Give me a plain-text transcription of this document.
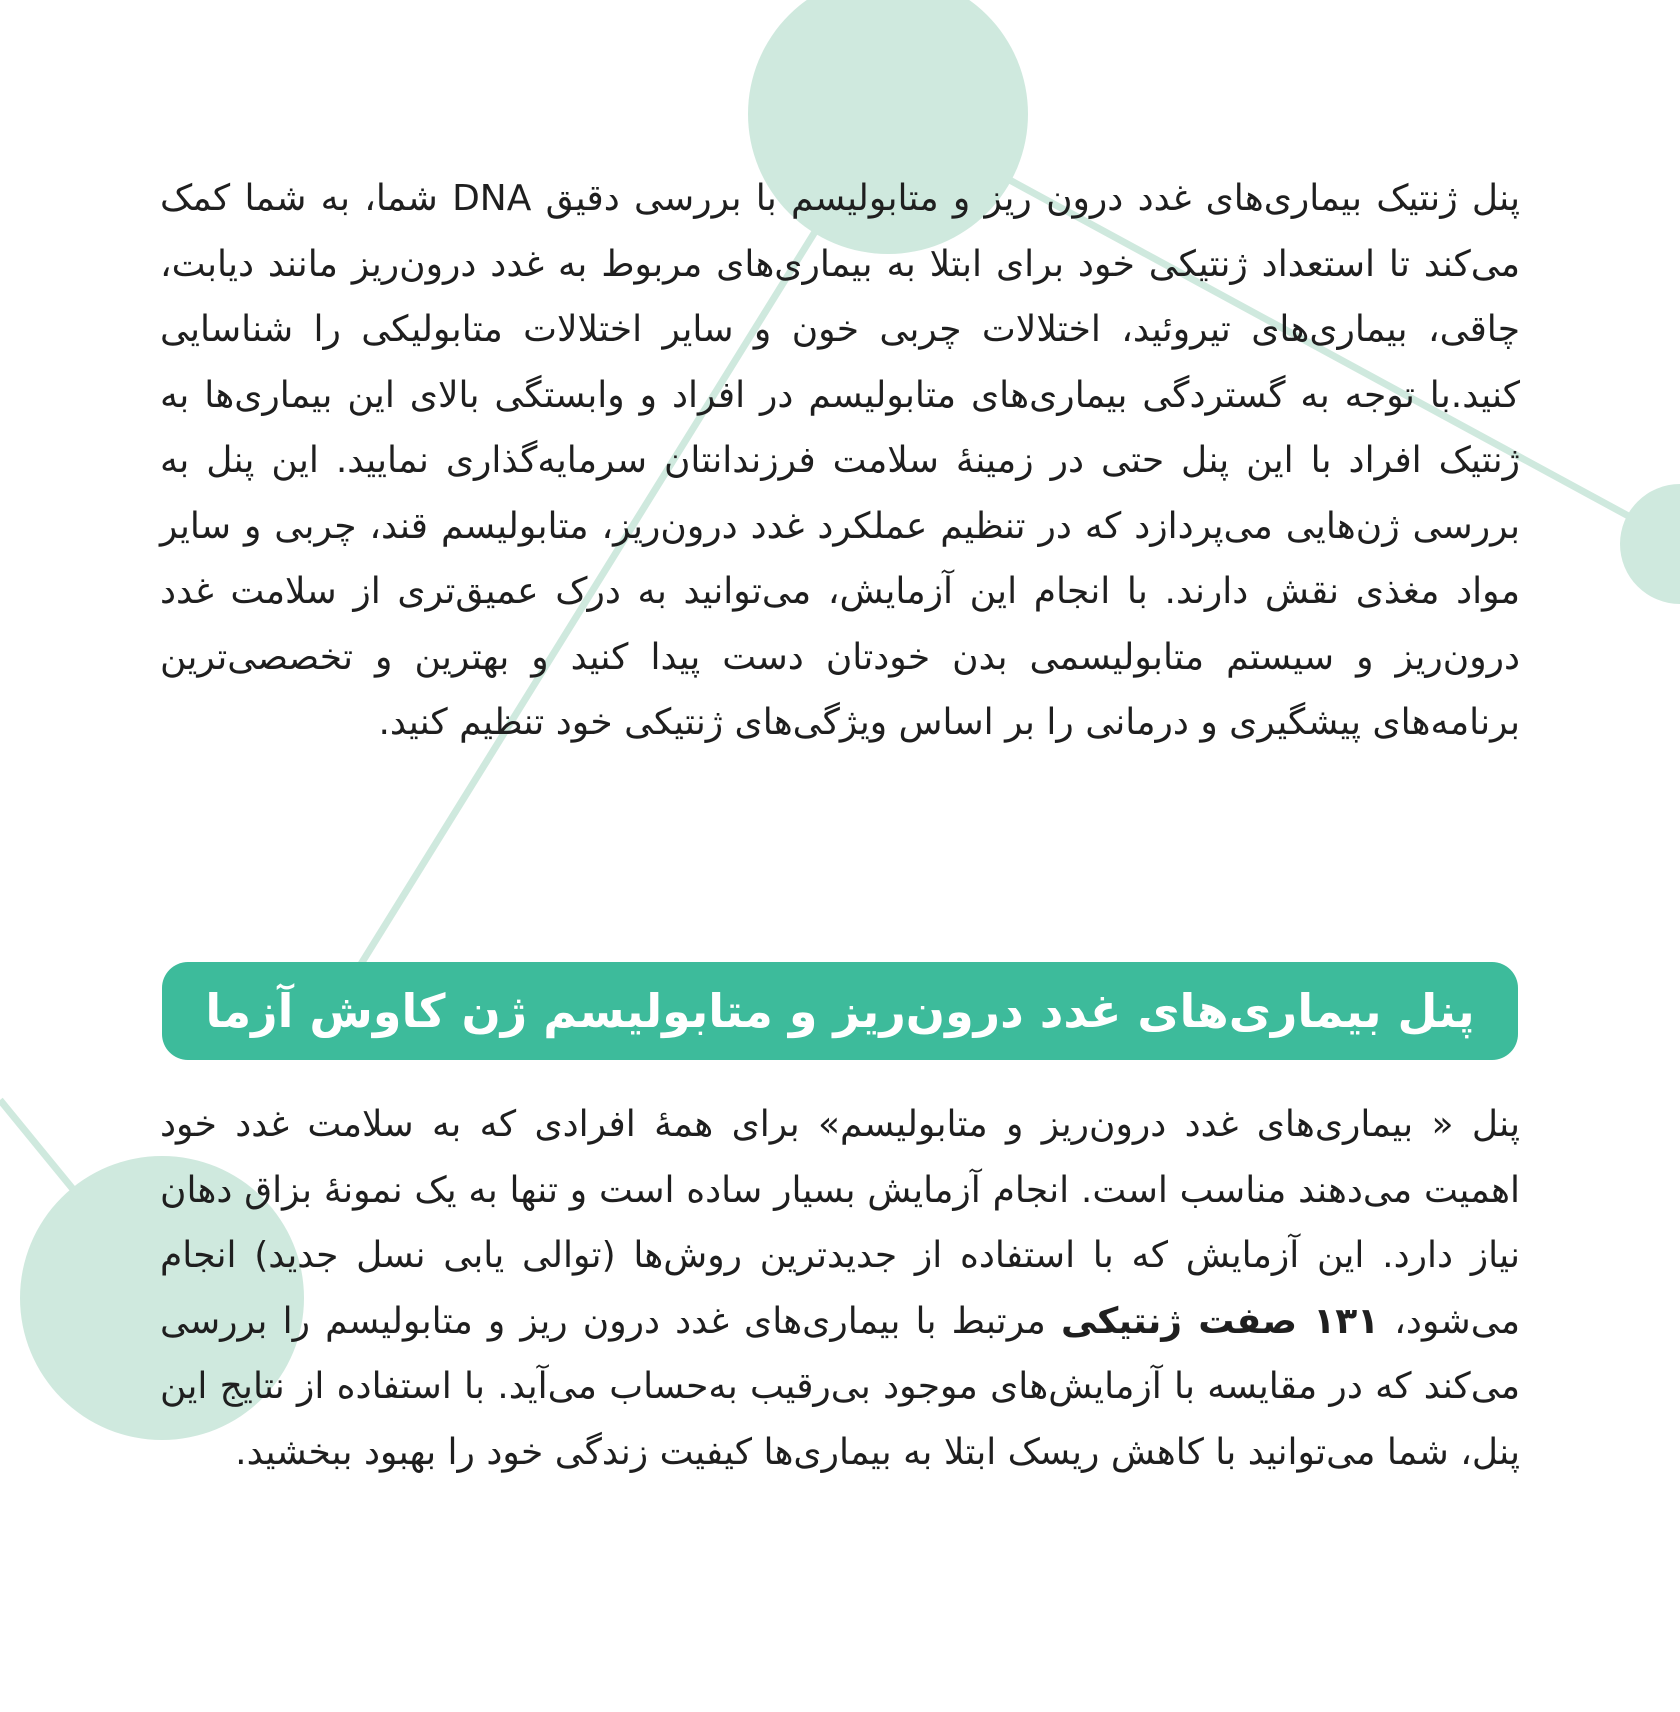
پنل ژنتیک بیماری‌های غدد درون ریز و متابولیسم با بررسی دقیق DNA شما، به شما کمک می‌کند تا استعداد ژنتیکی خود برای ابتلا به بیماری‌های مربوط به غدد درون‌ریز مانند دیابت، چاقی، بیماری‌های تیروئید، اختلالات چربی خون و سایر اختلالات متابولیکی را شناسایی کنید.با توجه به گستردگی بیماری‌های متابولیسم در افراد و وابستگی بالای این بیماری‌ها به ژنتیک افراد با این پنل حتی در زمینهٔ سلامت فرزندانتان سرمایه‌گذاری نمایید. این پنل به بررسی ژن‌هایی می‌پردازد که در تنظیم عملکرد غدد درون‌ریز، متابولیسم قند، چربی و سایر مواد مغذی نقش دارند. با انجام این آزمایش، می‌توانید به درک عمیق‌تری از سلامت غدد درون‌ریز و سیستم متابولیسمی بدن خودتان دست پیدا کنید و بهترین و تخصصی‌ترین برنامه‌های پیشگیری و درمانی را بر اساس ویژگی‌های ژنتیکی خود تنظیم کنید.

پنل بیماری‌های غدد درون‌ریز و متابولیسم ژن کاوش آزما

پنل « بیماری‌های غدد درون‌ریز و متابولیسم» برای همهٔ افرادی که به سلامت غدد خود اهمیت می‌دهند مناسب است. انجام آزمایش بسیار ساده است و تنها به یک نمونهٔ بزاق دهان نیاز دارد. این آزمایش که با استفاده از جدیدترین روش‌ها (توالی یابی نسل جدید) انجام می‌شود، ۱۳۱ صفت ژنتیکی مرتبط با بیماری‌های غدد درون ریز و متابولیسم را بررسی می‌کند که در مقایسه با آزمایش‌های موجود بی‌رقیب به‌حساب می‌آید. با استفاده از نتایج این پنل، شما می‌توانید با کاهش ریسک ابتلا به بیماری‌ها کیفیت زندگی خود را بهبود ببخشید.
